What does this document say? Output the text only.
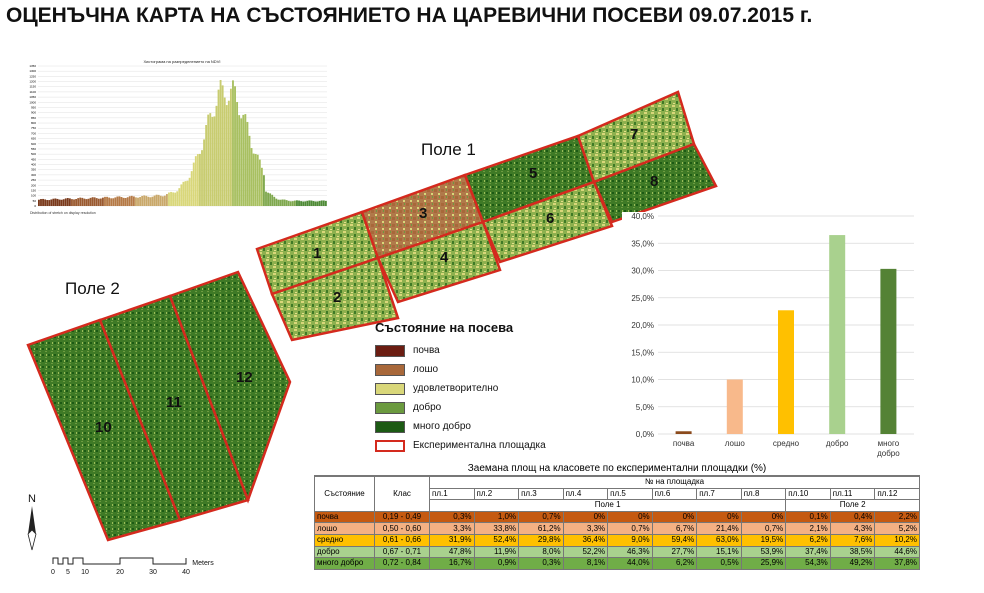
ОЦЕНЪЧНА КАРТА НА СЪСТОЯНИЕТО НА ЦАРЕВИЧНИ ПОСЕВИ 09.07.2015 г.
Хистограма на разпределението на NDVI
1350
1300
1250
1200
1150
1100
1050
1000
950
900
850
800
750
700
650
600
550
500
450
400
350
300
250
200
150
100
50
0
Distribution of stretch on display resolution
1
2
3
4
5
6
7
8
10
11
12
Поле 1
Поле 2
Състояние на посева
почва
лошо
удовлетворително
добро
много добро
Експериментална площадка
0,0%
5,0%
10,0%
15,0%
20,0%
25,0%
30,0%
35,0%
40,0%
почва	лошо	средно	добро	много
добро
Заемана площ на класовете по експериментални площадки (%)
Състояние	Клас	№ на площадка										
		пл.1	пл.2	пл.3	пл.4	пл.5	пл.6	пл.7	пл.8	пл.10	пл.11	пл.12
		Поле 1								Поле 2		
почва	0,19 - 0,49	0,3%	1,0%	0,7%	0%	0%	0%	0%	0%	0,1%	0,4%	2,2%
лошо	0,50 - 0,60	3,3%	33,8%	61,2%	3,3%	0,7%	6,7%	21,4%	0,7%	2,1%	4,3%	5,2%
средно	0,61 - 0,66	31,9%	52,4%	29,8%	36,4%	9,0%	59,4%	63,0%	19,5%	6,2%	7,6%	10,2%
добро	0,67 - 0,71	47,8%	11,9%	8,0%	52,2%	46,3%	27,7%	15,1%	53,9%	37,4%	38,5%	44,6%
много добро	0,72 - 0,84	16,7%	0,9%	0,3%	8,1%	44,0%	6,2%	0,5%	25,9%	54,3%	49,2%	37,8%
N
0 5 10	20	30	40
Meters
